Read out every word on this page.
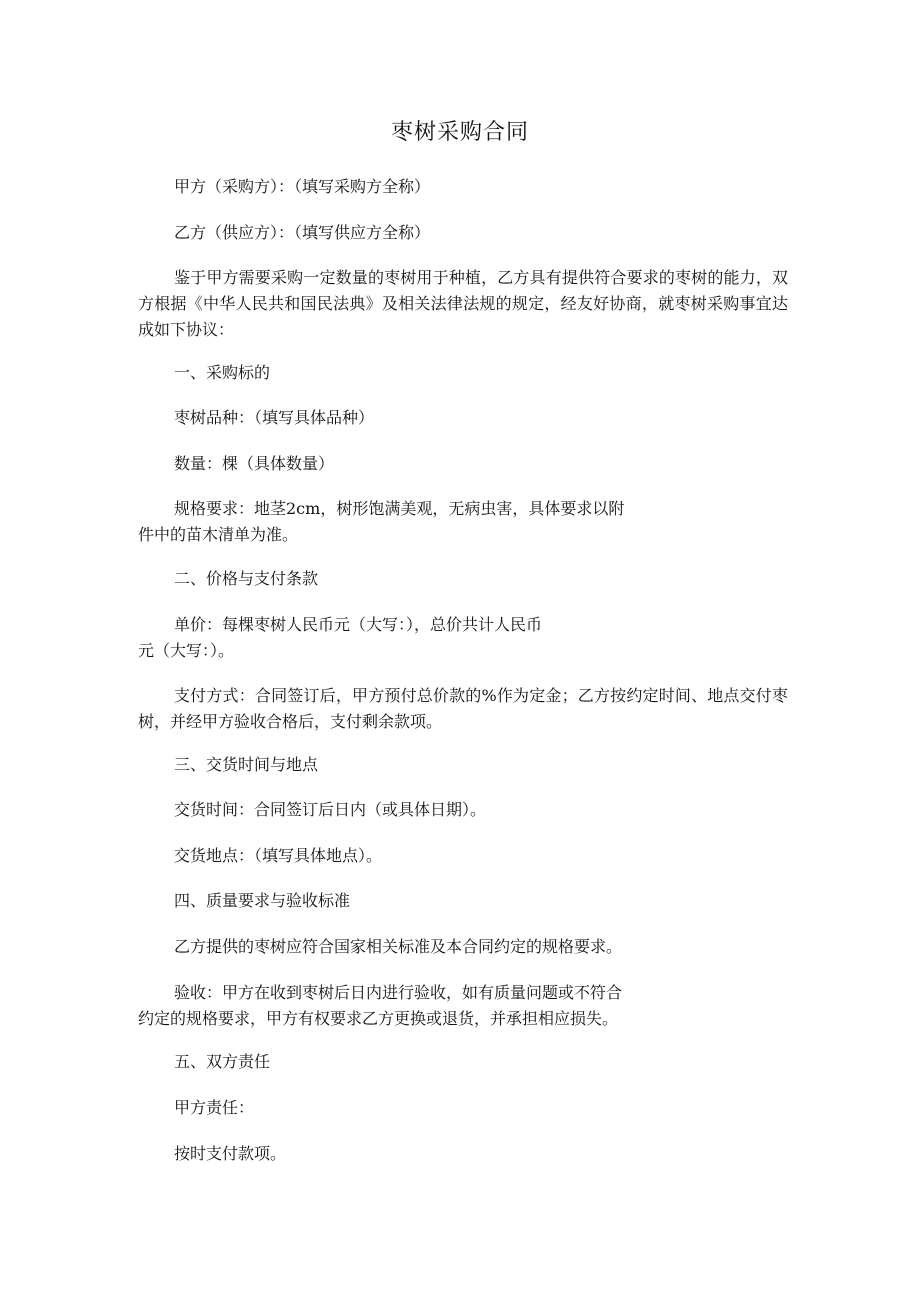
枣树采购合同

甲方（采购方）：（填写采购方全称）

乙方（供应方）：（填写供应方全称）

鉴于甲方需要采购一定数量的枣树用于种植，乙方具有提供符合要求的枣树的能力，双方根据《中华人民共和国民法典》及相关法律法规的规定，经友好协商，就枣树采购事宜达成如下协议：

一、采购标的

枣树品种：（填写具体品种）

数量：棵（具体数量）

规格要求：地茎2cm，树形饱满美观，无病虫害，具体要求以附
件中的苗木清单为准。

二、价格与支付条款

单价：每棵枣树人民币元（大写：），总价共计人民币
元（大写：）。

支付方式：合同签订后，甲方预付总价款的%作为定金；乙方按约定时间、地点交付枣树，并经甲方验收合格后，支付剩余款项。

三、交货时间与地点

交货时间：合同签订后日内（或具体日期）。

交货地点：（填写具体地点）。

四、质量要求与验收标准

乙方提供的枣树应符合国家相关标准及本合同约定的规格要求。

验收：甲方在收到枣树后日内进行验收，如有质量问题或不符合
约定的规格要求，甲方有权要求乙方更换或退货，并承担相应损失。

五、双方责任

甲方责任：

按时支付款项。
